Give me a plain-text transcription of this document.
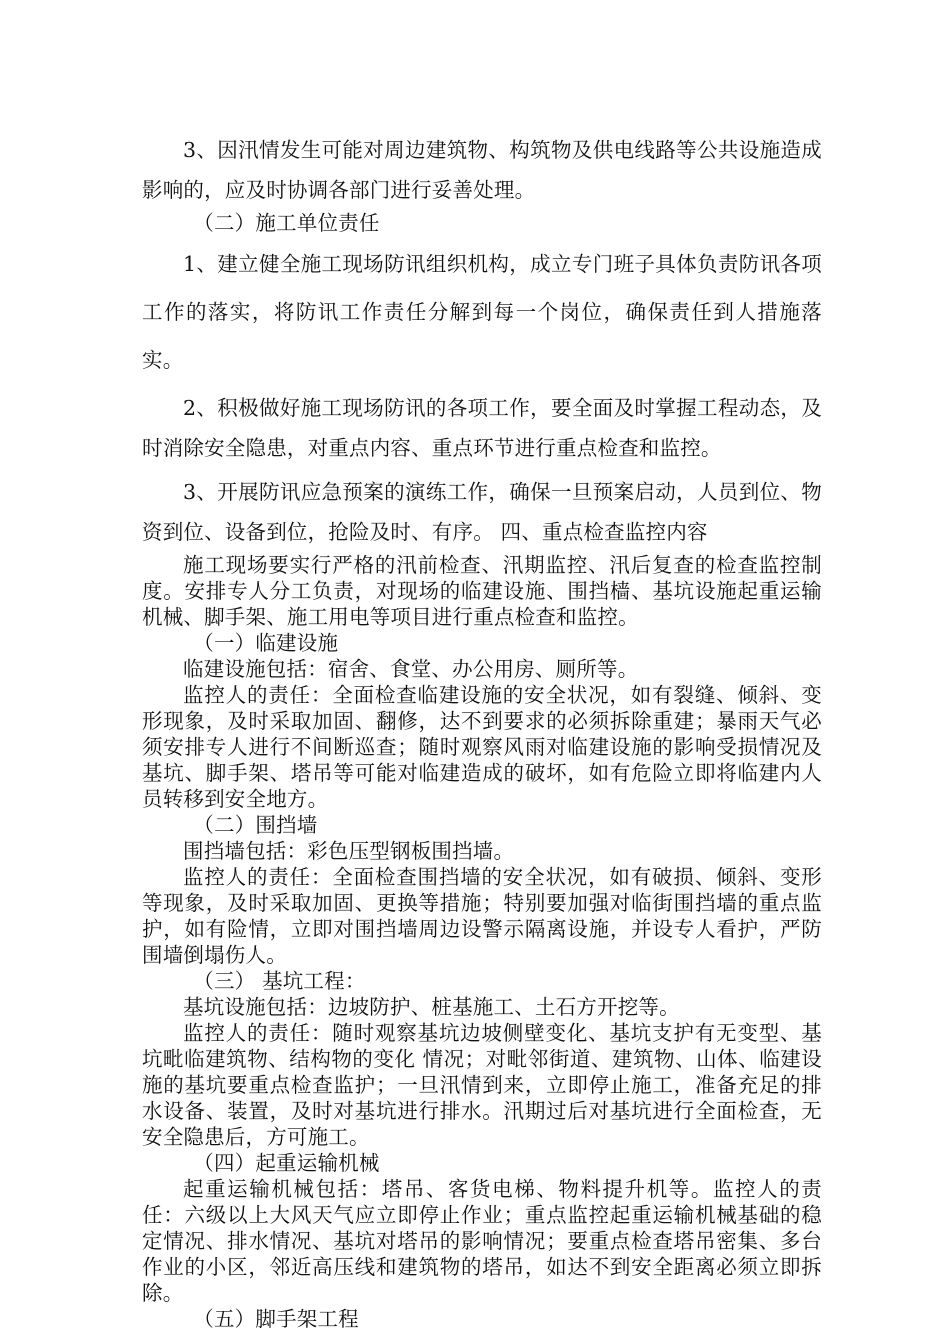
3、因汛情发生可能对周边建筑物、构筑物及供电线路等公共设施造成影响的，应及时协调各部门进行妥善处理。

（二）施工单位责任

1、建立健全施工现场防讯组织机构，成立专门班子具体负责防讯各项工作的落实，将防讯工作责任分解到每一个岗位，确保责任到人措施落实。

2、积极做好施工现场防讯的各项工作，要全面及时掌握工程动态，及时消除安全隐患，对重点内容、重点环节进行重点检查和监控。

3、开展防讯应急预案的演练工作，确保一旦预案启动，人员到位、物资到位、设备到位，抢险及时、有序。 四、重点检查监控内容

施工现场要实行严格的汛前检查、汛期监控、汛后复查的检查监控制度。安排专人分工负责，对现场的临建设施、围挡樯、基坑设施起重运输机械、脚手架、施工用电等项目进行重点检查和监控。

（一）临建设施

临建设施包括：宿舍、食堂、办公用房、厕所等。

监控人的责任：全面检查临建设施的安全状况，如有裂缝、倾斜、变形现象，及时采取加固、翻修，达不到要求的必须拆除重建；暴雨天气必须安排专人进行不间断巡查；随时观察风雨对临建设施的影响受损情况及基坑、脚手架、塔吊等可能对临建造成的破坏，如有危险立即将临建内人员转移到安全地方。

（二）围挡墙

围挡墙包括：彩色压型钢板围挡墙。

监控人的责任：全面检查围挡墙的安全状况，如有破损、倾斜、变形等现象，及时采取加固、更换等措施；特别要加强对临街围挡墙的重点监护，如有险情，立即对围挡墙周边设警示隔离设施，并设专人看护，严防围墙倒塌伤人。

（三） 基坑工程：

基坑设施包括：边坡防护、桩基施工、土石方开挖等。

监控人的责任：随时观察基坑边坡侧壁变化、基坑支护有无变型、基坑毗临建筑物、结构物的变化 情况；对毗邻街道、建筑物、山体、临建设施的基坑要重点检查监护；一旦汛情到来，立即停止施工，准备充足的排水设备、装置，及时对基坑进行排水。汛期过后对基坑进行全面检查，无安全隐患后，方可施工。

（四）起重运输机械

起重运输机械包括：塔吊、客货电梯、物料提升机等。监控人的责任：六级以上大风天气应立即停止作业；重点监控起重运输机械基础的稳定情况、排水情况、基坑对塔吊的影响情况；要重点检查塔吊密集、多台作业的小区，邻近高压线和建筑物的塔吊，如达不到安全距离必须立即拆除。

（五）脚手架工程
